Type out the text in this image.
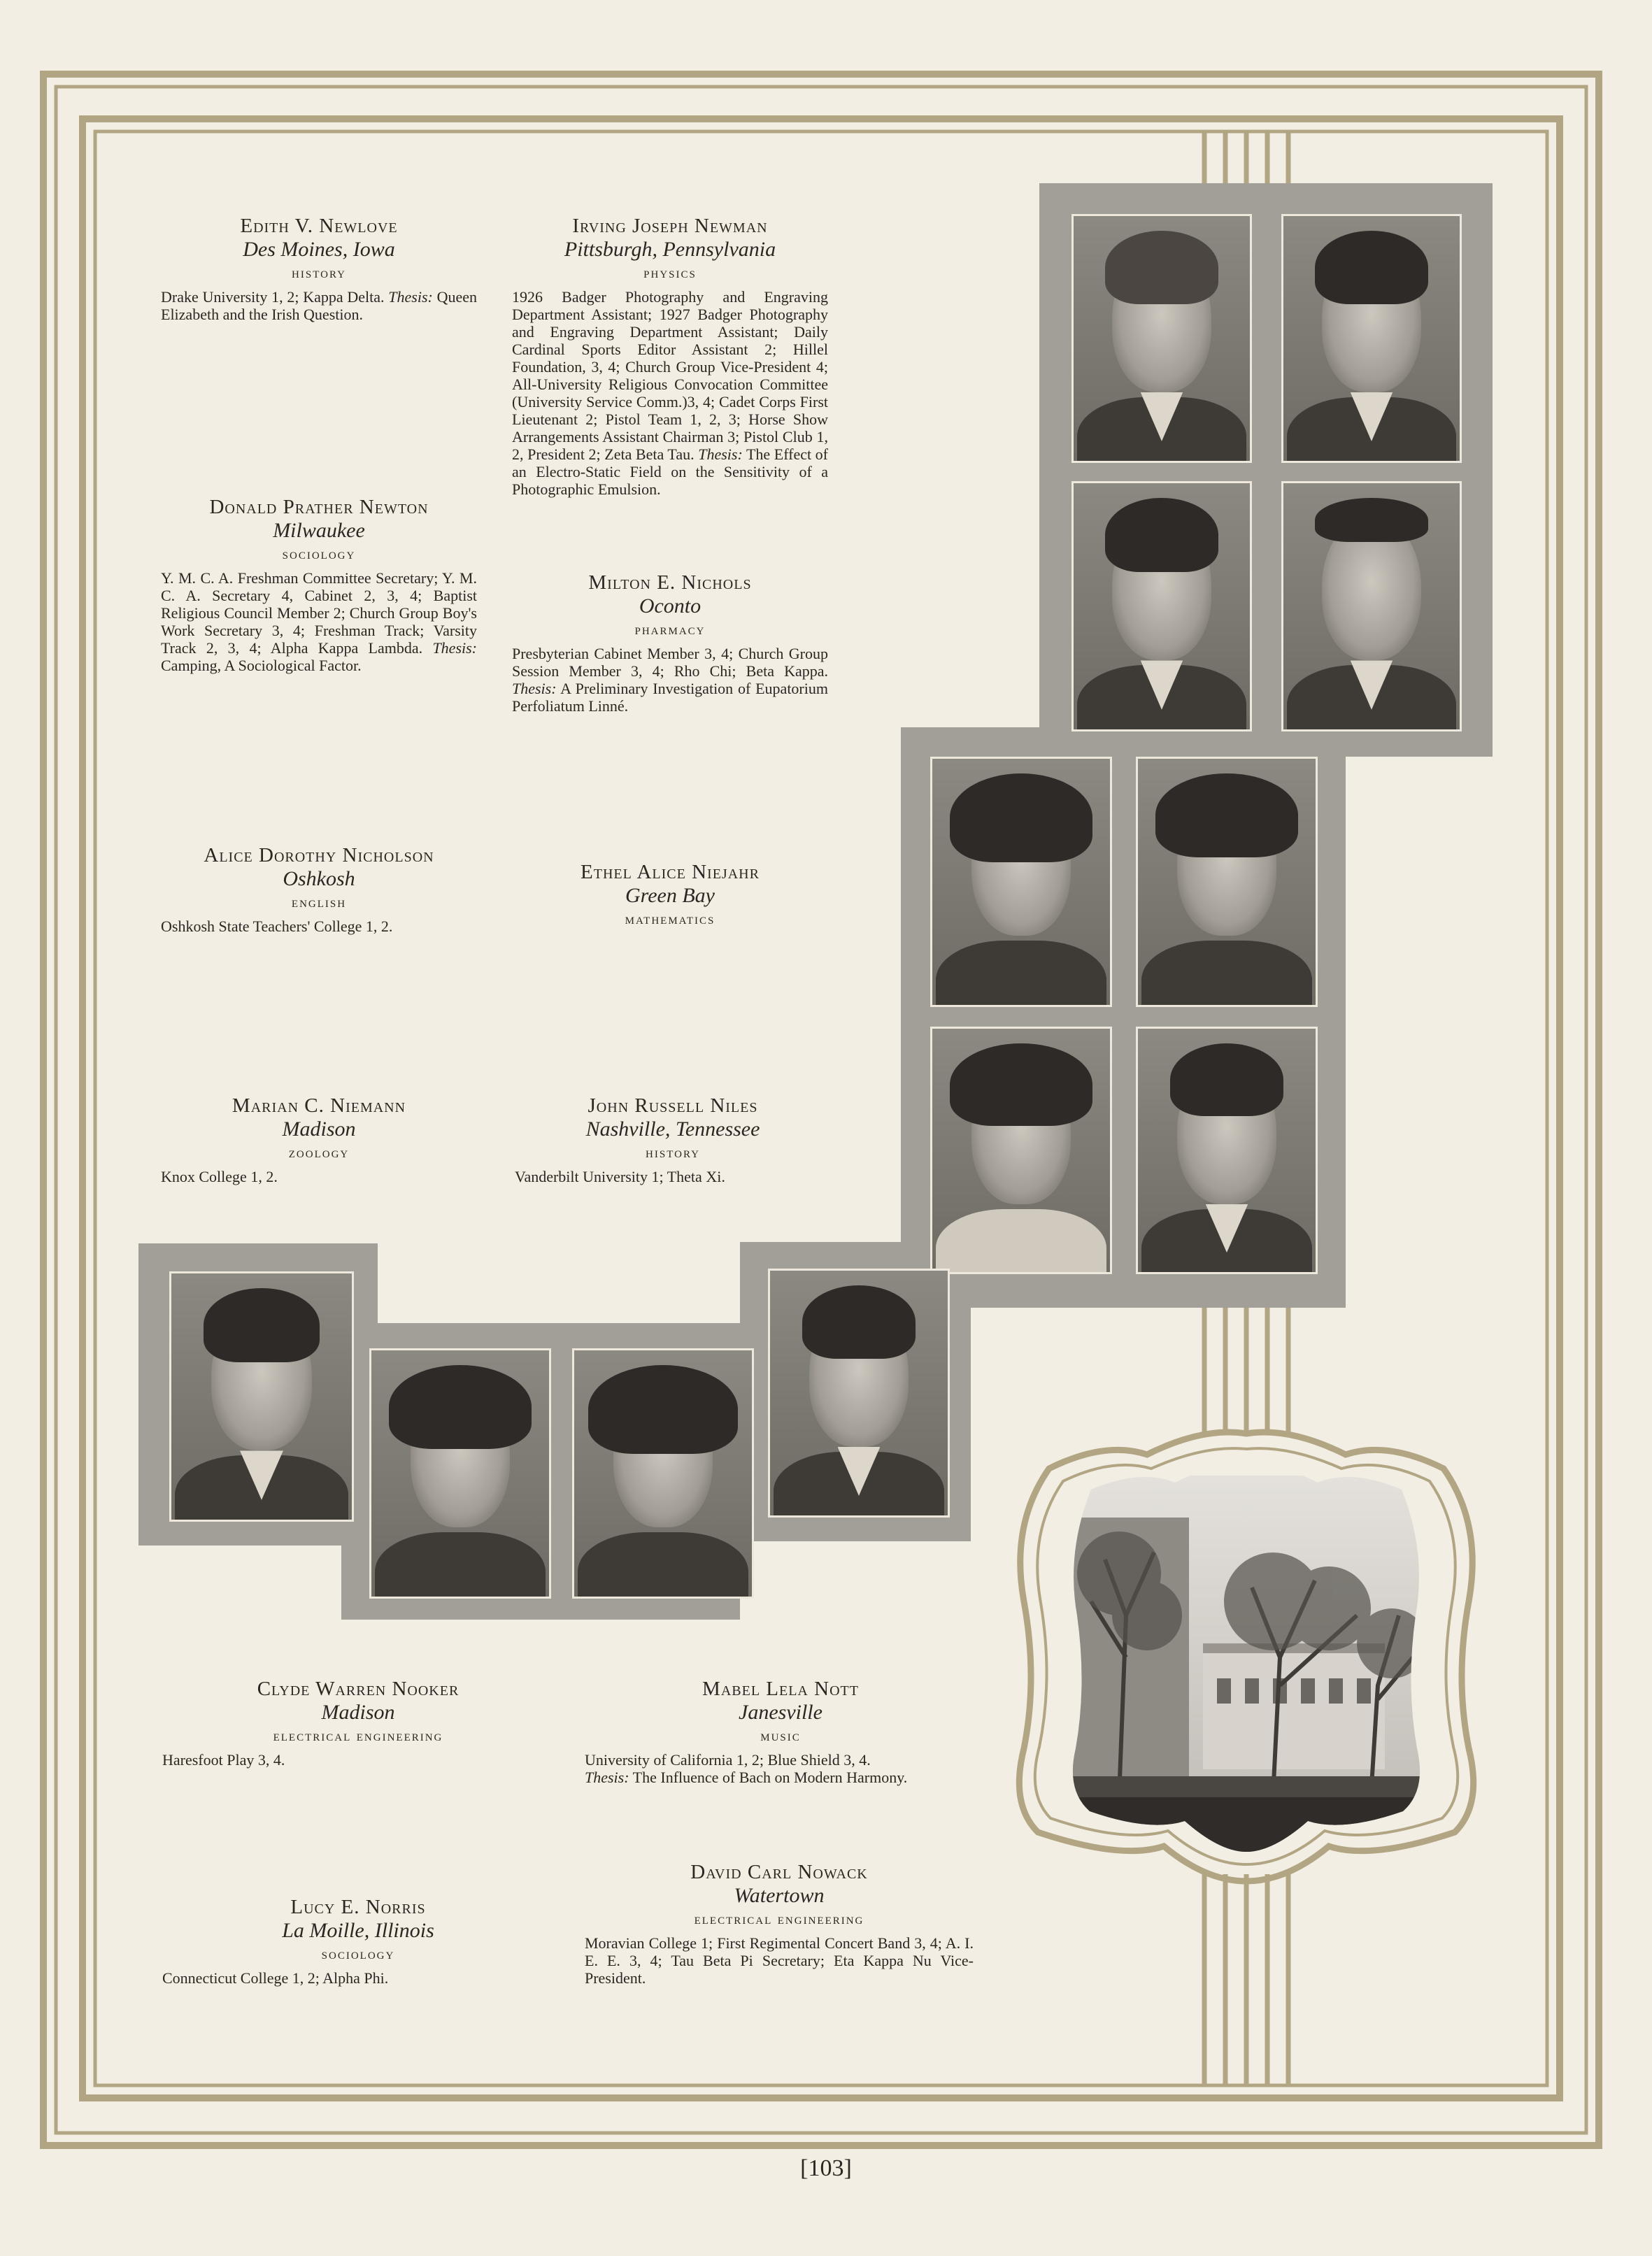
Edith V. Newlove
Des Moines, Iowa
history
Drake University 1, 2; Kappa Delta. Thesis: Queen Elizabeth and the Irish Question.
Irving Joseph Newman
Pittsburgh, Pennsylvania
physics
1926 Badger Photography and Engraving Department Assistant; 1927 Badger Photography and Engraving Department Assistant; Daily Cardinal Sports Editor Assistant 2; Hillel Foundation, 3, 4; Church Group Vice-President 4; All-University Religious Convocation Committee (University Service Comm.)3, 4; Cadet Corps First Lieutenant 2; Pistol Team 1, 2, 3; Horse Show Arrangements Assistant Chairman 3; Pistol Club 1, 2, President 2; Zeta Beta Tau. Thesis: The Effect of an Electro-Static Field on the Sensitivity of a Photographic Emulsion.
Donald Prather Newton
Milwaukee
sociology
Y. M. C. A. Freshman Committee Secretary; Y. M. C. A. Secretary 4, Cabinet 2, 3, 4; Baptist Religious Council Member 2; Church Group Boy's Work Secretary 3, 4; Freshman Track; Varsity Track 2, 3, 4; Alpha Kappa Lambda. Thesis: Camping, A Sociological Factor.
Milton E. Nichols
Oconto
pharmacy
Presbyterian Cabinet Member 3, 4; Church Group Session Member 3, 4; Rho Chi; Beta Kappa. Thesis: A Preliminary Investigation of Eupatorium Perfoliatum Linné.
Alice Dorothy Nicholson
Oshkosh
english
Oshkosh State Teachers' College 1, 2.
Ethel Alice Niejahr
Green Bay
mathematics
Marian C. Niemann
Madison
zoology
Knox College 1, 2.
John Russell Niles
Nashville, Tennessee
history
Vanderbilt University 1; Theta Xi.
Clyde Warren Nooker
Madison
electrical engineering
Haresfoot Play 3, 4.
Mabel Lela Nott
Janesville
music
University of California 1, 2; Blue Shield 3, 4.
Thesis: The Influence of Bach on Modern Harmony.
Lucy E. Norris
La Moille, Illinois
sociology
Connecticut College 1, 2; Alpha Phi.
David Carl Nowack
Watertown
electrical engineering
Moravian College 1; First Regimental Concert Band 3, 4; A. I. E. E. 3, 4; Tau Beta Pi Secretary; Eta Kappa Nu Vice-President.
[103]
